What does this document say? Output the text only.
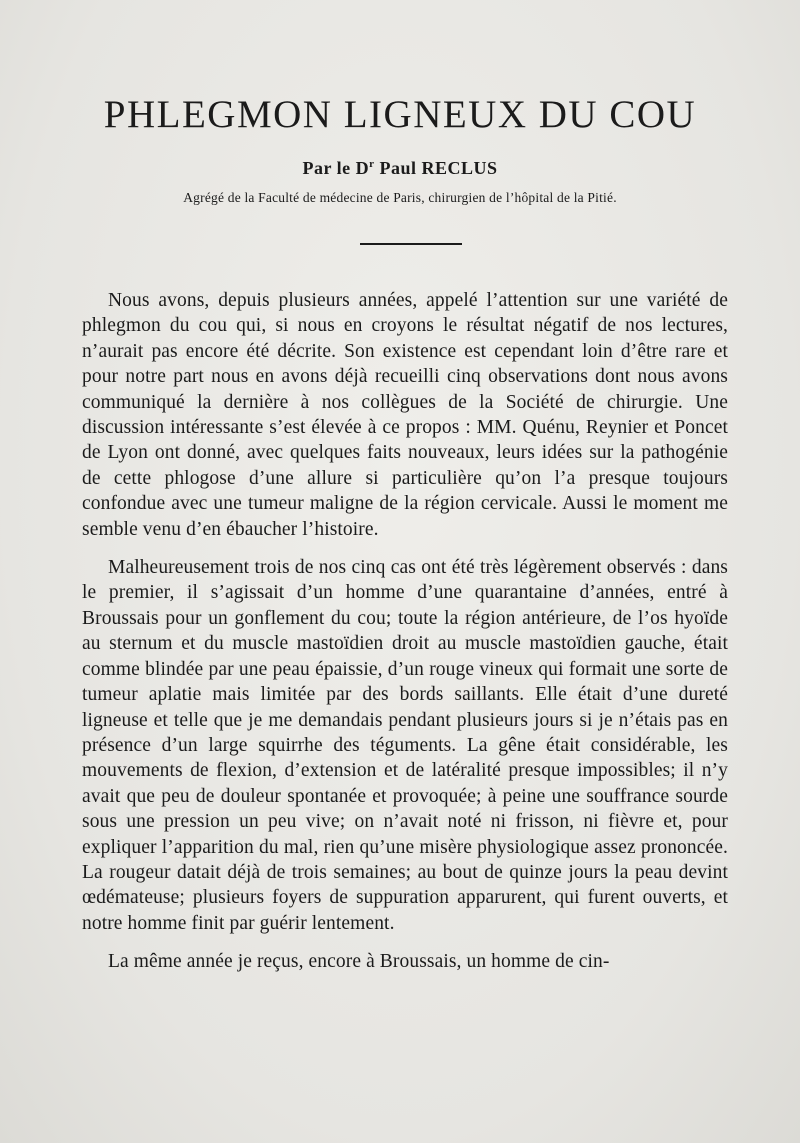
PHLEGMON LIGNEUX DU COU

Par le $D^r$ Paul RECLUS

Agrégé de la Faculté de médecine de Paris, chirurgien de l’hôpital de la Pitié.

Nous avons, depuis plusieurs années, appelé l’attention sur une variété de phlegmon du cou qui, si nous en croyons le résultat négatif de nos lectures, n’aurait pas encore été décrite. Son existence est cependant loin d’être rare et pour notre part nous en avons déjà recueilli cinq observations dont nous avons communiqué la dernière à nos collègues de la Société de chirurgie. Une discussion intéressante s’est élevée à ce propos : MM. Quénu, Reynier et Poncet de Lyon ont donné, avec quelques faits nouveaux, leurs idées sur la pathogénie de cette phlogose d’une allure si particulière qu’on l’a presque toujours confondue avec une tumeur maligne de la région cervicale. Aussi le moment me semble venu d’en ébaucher l’histoire.

Malheureusement trois de nos cinq cas ont été très légèrement observés : dans le premier, il s’agissait d’un homme d’une quarantaine d’années, entré à Broussais pour un gonflement du cou; toute la région antérieure, de l’os hyoïde au sternum et du muscle mastoïdien droit au muscle mastoïdien gauche, était comme blindée par une peau épaissie, d’un rouge vineux qui formait une sorte de tumeur aplatie mais limitée par des bords saillants. Elle était d’une dureté ligneuse et telle que je me demandais pendant plusieurs jours si je n’étais pas en présence d’un large squirrhe des téguments. La gêne était considérable, les mouvements de flexion, d’extension et de latéralité presque impossibles; il n’y avait que peu de douleur spontanée et provoquée; à peine une souffrance sourde sous une pression un peu vive; on n’avait noté ni frisson, ni fièvre et, pour expliquer l’apparition du mal, rien qu’une misère physiologique assez prononcée. La rougeur datait déjà de trois semaines; au bout de quinze jours la peau devint œdémateuse; plusieurs foyers de suppuration apparurent, qui furent ouverts, et notre homme finit par guérir lentement.

La même année je reçus, encore à Broussais, un homme de cin-
